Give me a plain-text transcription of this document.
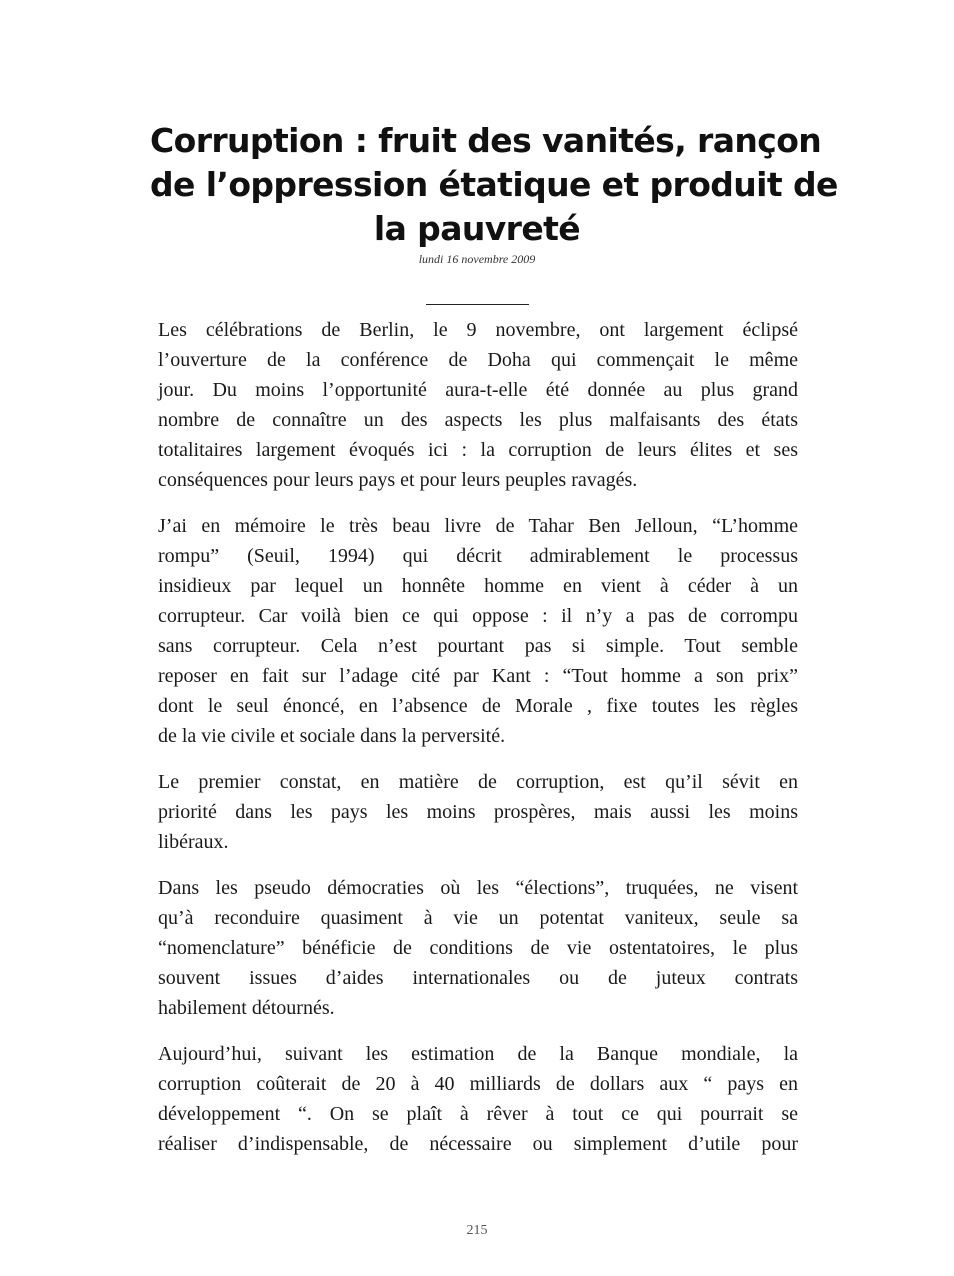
Corruption : fruit des vanités, rançon
de l’oppression étatique et produit de
la pauvreté
lundi 16 novembre 2009

Les célébrations de Berlin, le 9 novembre, ont largement éclipsé
l’ouverture de la conférence de Doha qui commençait le même
jour. Du moins l’opportunité aura-t-elle été donnée au plus grand
nombre de connaître un des aspects les plus malfaisants des états
totalitaires largement évoqués ici : la corruption de leurs élites et ses
conséquences pour leurs pays et pour leurs peuples ravagés.

J’ai en mémoire le très beau livre de Tahar Ben Jelloun, “L’homme
rompu” (Seuil, 1994) qui décrit admirablement le processus
insidieux par lequel un honnête homme en vient à céder à un
corrupteur. Car voilà bien ce qui oppose : il n’y a pas de corrompu
sans corrupteur. Cela n’est pourtant pas si simple. Tout semble
reposer en fait sur l’adage cité par Kant : “Tout homme a son prix”
dont le seul énoncé, en l’absence de Morale , fixe toutes les règles
de la vie civile et sociale dans la perversité.

Le premier constat, en matière de corruption, est qu’il sévit en
priorité dans les pays les moins prospères, mais aussi les moins
libéraux.

Dans les pseudo démocraties où les “élections”, truquées, ne visent
qu’à reconduire quasiment à vie un potentat vaniteux, seule sa
“nomenclature” bénéficie de conditions de vie ostentatoires, le plus
souvent issues d’aides internationales ou de juteux contrats
habilement détournés.

Aujourd’hui, suivant les estimation de la Banque mondiale, la
corruption coûterait de 20 à 40 milliards de dollars aux “ pays en
développement “. On se plaît à rêver à tout ce qui pourrait se
réaliser d’indispensable, de nécessaire ou simplement d’utile pour

215
